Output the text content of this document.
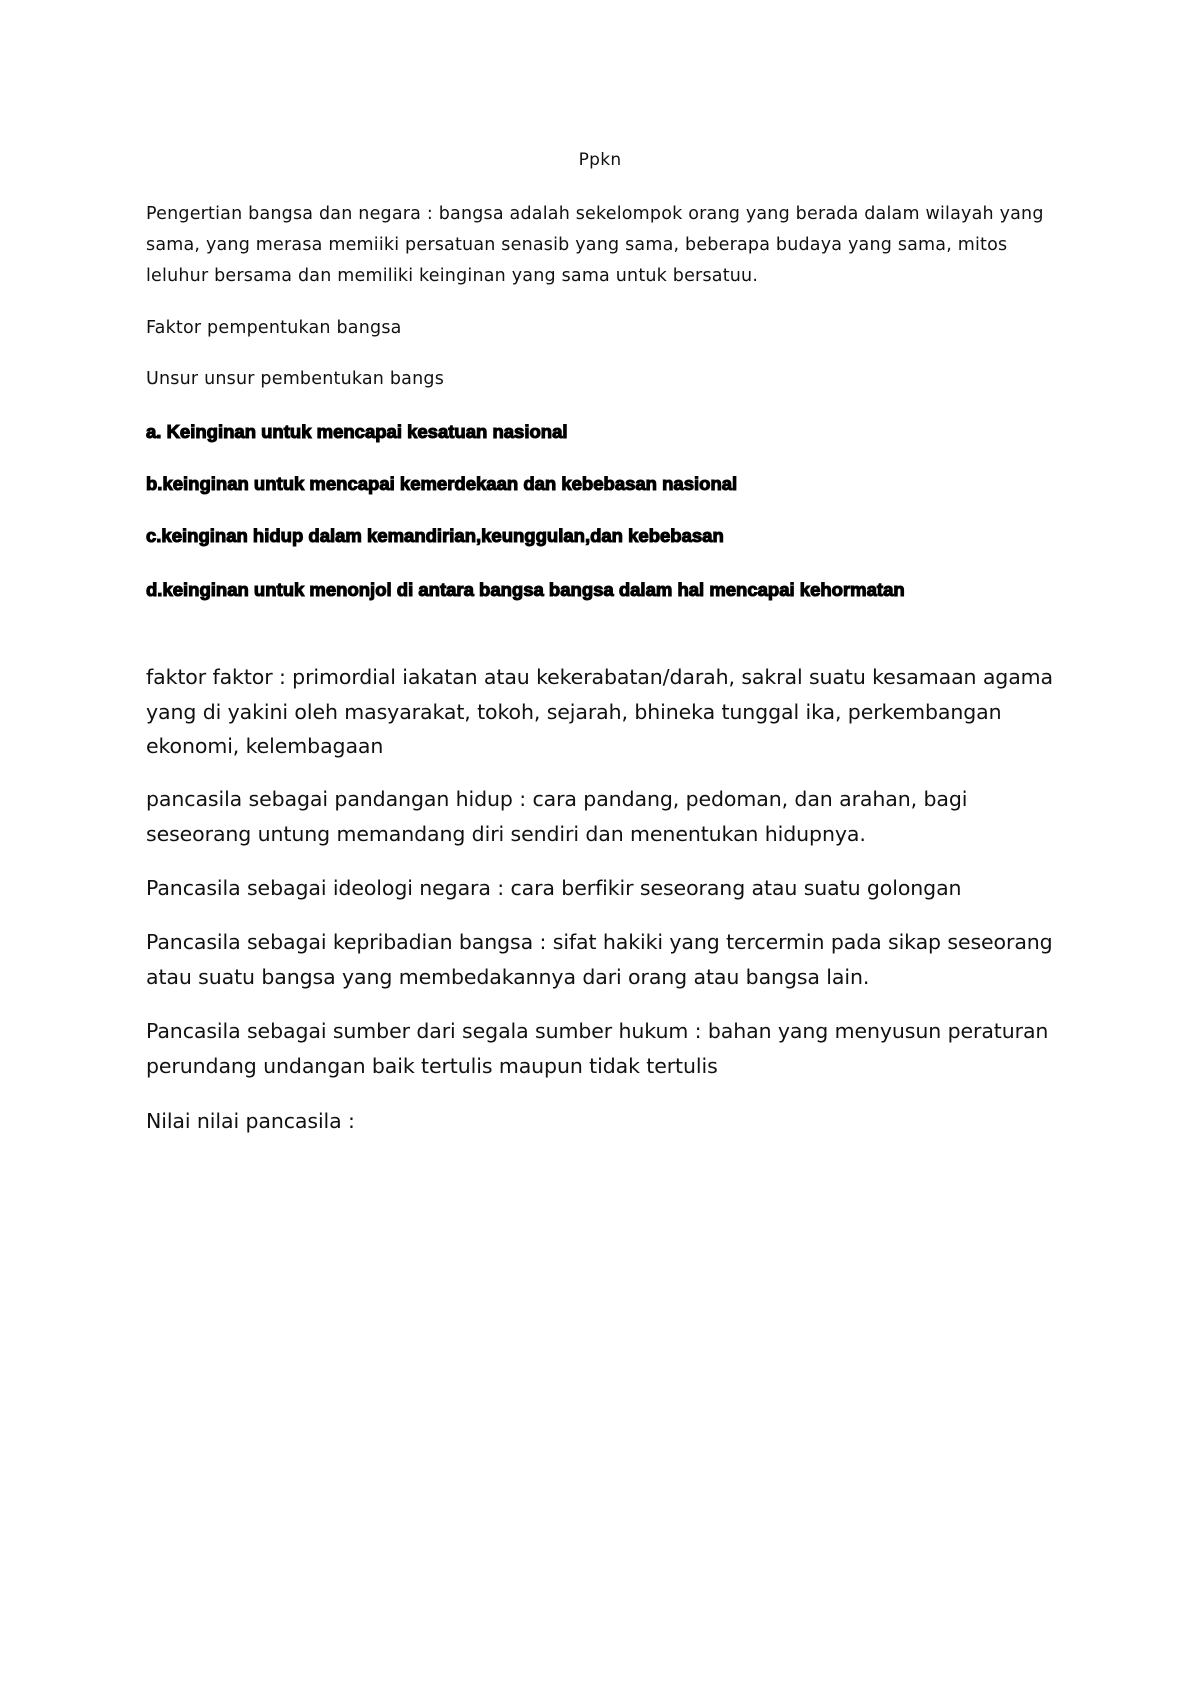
Ppkn

Pengertian bangsa dan negara : bangsa adalah sekelompok orang yang berada dalam wilayah yang sama, yang merasa memiiki persatuan senasib yang sama, beberapa budaya yang sama, mitos leluhur bersama dan memiliki keinginan yang sama untuk bersatuu.

Faktor pempentukan bangsa

Unsur unsur pembentukan bangs

a. Keinginan untuk mencapai kesatuan nasional

b.keinginan untuk mencapai kemerdekaan dan kebebasan nasional

c.keinginan hidup dalam kemandirian,keunggulan,dan kebebasan

d.keinginan untuk menonjol di antara bangsa bangsa dalam hal mencapai kehormatan

faktor faktor : primordial iakatan atau kekerabatan/darah, sakral suatu kesamaan agama yang di yakini oleh masyarakat, tokoh, sejarah, bhineka tunggal ika, perkembangan ekonomi, kelembagaan

pancasila sebagai pandangan hidup : cara pandang, pedoman, dan arahan, bagi seseorang untung memandang diri sendiri dan menentukan hidupnya.

Pancasila sebagai ideologi negara : cara berfikir seseorang atau suatu golongan

Pancasila sebagai kepribadian bangsa : sifat hakiki yang tercermin pada sikap seseorang atau suatu bangsa yang membedakannya dari orang atau bangsa lain.

Pancasila sebagai sumber dari segala sumber hukum : bahan yang menyusun peraturan perundang undangan baik tertulis maupun tidak tertulis

Nilai nilai pancasila :
